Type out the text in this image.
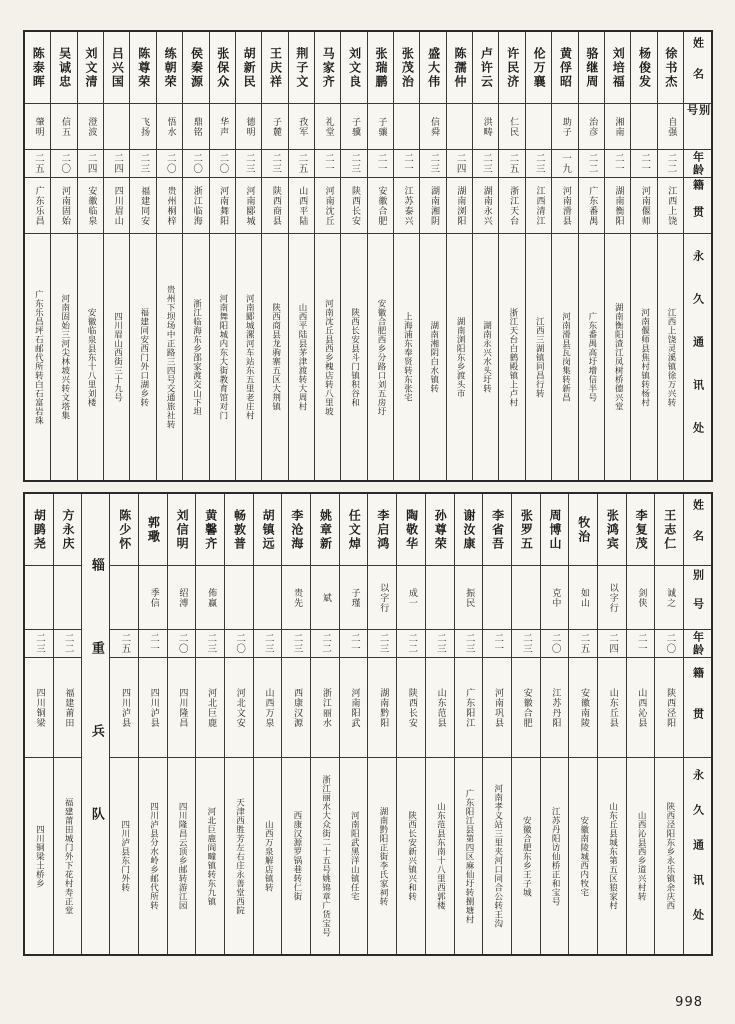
姓名
别号
年龄
籍贯
永久通讯处
徐书杰
自强
二二
江西上饶
江西上饶灵溪镇徐万兴转
杨俊发
二一
河南偃师
河南偃师县焦村镇转杨村
刘培福
湘南
二一
湖南衡阳
湖南衡阳渣江凤树桥德兴堂
骆继周
治彦
二二
广东番禺
广东番禺高圩增信半号
黄俘昭
助子
一九
河南滑县
河南滑县瓦岗集转新昌
伦万襄
二三
江西清江
江西三湖镇同昌行转
许民济
仁民
二五
浙江天台
浙江天台白鹤殿镇上卢村
卢许云
洪畴
二三
湖南永兴
湖南永兴水头圩转
陈孺仲
二四
湖南浏阳
湖南浏阳东乡渡头市
盛大伟
信舜
二三
湖南湘阴
湖南湘阴白水镇转
张茂治
二一
江苏泰兴
上海浦东奉贤转东张宅
张瑞鹏
子骧
二一
安徽合肥
安徽合肥西乡分路口刘五房圩
刘文良
子骥
二三
陕西长安
陕西长安县斗门镇积谷和
马家齐
礼堂
二一
河南沈丘
河南沈丘县西乡槐店转八里坡
荆子文
孜军
二五
山西平陆
山西平陆县茅津渡转大周村
王庆祥
子麓
二三
陕西商县
陕西商县龙驹寨五区大荆镇
胡新民
德明
二三
河南郾城
河南郾城漯河车站东五里老庄村
张保众
华声
二〇
河南舞阳
河南舞阳城内东大街教育馆对门
侯秦源
鼎铭
二〇
浙江临海
浙江临海东乡邵家渡交山下坦
练朝荣
悟水
二〇
贵州桐梓
贵州下坝场中正路三四号交通旅社转
陈尊荣
飞扬
二三
福建同安
福建同安西门外口湖乡转
吕兴国
二四
四川眉山
四川眉山西街三十九号
刘文清
澄波
二四
安徽临泉
安徽临泉县东十八里刘楼
吴诚忠
信五
二〇
河南固始
河南固始三河尖林坡兴转文塔集
陈泰晖
肇明
二五
广东乐昌
广东乐昌坪石邮代所转白石富岩珠
姓名
别号
年龄
籍贯
永久通讯处
王志仁
诚之
二〇
陕西泾阳
陕西泾阳东乡永乐镇余庆西
李复茂
剑侠
二一
山西沁县
山西沁县西乡道兴村转
张鸿宾
以字行
二四
山东丘县
山东丘县城东第五区狼家村
牧治
如山
二五
安徽南陵
安徽南陵城西内牧宅
周博山
克中
二〇
江苏丹阳
江苏丹阳访仙桥正和宝号
张罗五
二三
安徽合肥
安徽合肥东乡王子城
李省吾
二一
河南巩县
河南孝义站三里夹河口同合公转王沟
谢汝康
振民
二三
广东阳江
广东阳江县第四区麻仙圩转捌塘村
孙尊荣
二三
山东范县
山东范县东南十八里西郭楼
陶敬华
成一
二二
陕西长安
陕西长安新兴镇兴和转
李启鸿
以字行
二三
湖南黔阳
湖南黔阳正街李氏家祠转
任文焯
子瑾
二一
河南阳武
河南阳武黑洋山镇任宅
姚章新
斌
二二
浙江丽水
浙江丽水大众街二十五号姚锦章广货宝号
李沧海
贵先
二三
西康汉源
西康汉源罗锅巷转仁街
胡镇远
二三
山西万泉
山西万泉解店镇转
畅敦普
二〇
河北文安
天津西胜芳左右庄永善堂西院
黄馨齐
佈赢
二三
河北巨鹿
河北巨鹿阎疃镇转东九镇
刘信明
绍溥
二〇
四川隆昌
四川隆昌云顶乡邮转游江园
郭璥
季信
二一
四川泸县
四川泸县分水岭乡邮代所转
陈少怀
二五
四川泸县
四川泸县东门外转
辎重兵队
方永庆
二二
福建莆田
福建莆田城门外下花村寿正堂
胡鹍尧
二三
四川铜梁
四川铜梁土桥乡
998
